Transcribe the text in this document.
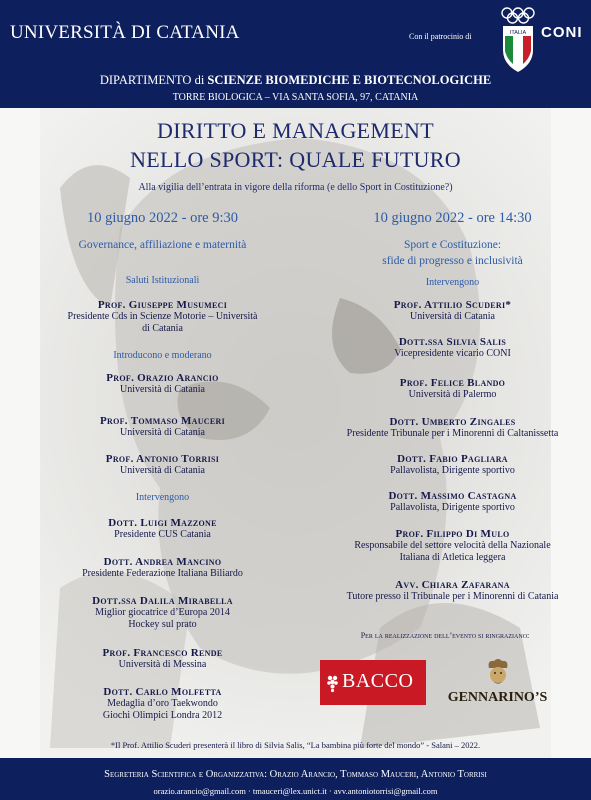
UNIVERSITÀ DI CATANIA	Con il patrocinio di	ITALIA CONI
DIPARTIMENTO di SCIENZE BIOMEDICHE E BIOTECNOLOGICHE
TORRE BIOLOGICA – VIA SANTA SOFIA, 97, CATANIA
DIRITTO E MANAGEMENT
NELLO SPORT: QUALE FUTURO
Alla vigilia dell’entrata in vigore della riforma (e dello Sport in Costituzione?)
10 giugno 2022 - ore 9:30
Governance, affiliazione e maternità
Saluti Istituzionali
Prof. Giuseppe Musumeci
Presidente Cds in Scienze Motorie – Università
di Catania
Introducono e moderano
Prof. Orazio Arancio
Università di Catania
Prof. Tommaso Mauceri
Università di Catania
Prof. Antonio Torrisi
Università di Catania
Intervengono
Dott. Luigi Mazzone
Presidente CUS Catania
Dott. Andrea Mancino
Presidente Federazione Italiana Biliardo
Dott.ssa Dalila Mirabella
Miglior giocatrice d’Europa 2014
Hockey sul prato
Prof. Francesco Rende
Università di Messina
Dott. Carlo Molfetta
Medaglia d’oro Taekwondo
Giochi Olimpici Londra 2012
10 giugno 2022 - ore 14:30
Sport e Costituzione:
sfide di progresso e inclusività
Intervengono
Prof. Attilio Scuderi*
Università di Catania
Dott.ssa Silvia Salis
Vicepresidente vicario CONI
Prof. Felice Blando
Università di Palermo
Dott. Umberto Zingales
Presidente Tribunale per i Minorenni di Caltanissetta
Dott. Fabio Pagliara
Pallavolista, Dirigente sportivo
Dott. Massimo Castagna
Pallavolista, Dirigente sportivo
Prof. Filippo Di Mulo
Responsabile del settore velocità della Nazionale
Italiana di Atletica leggera
Avv. Chiara Zafarana
Tutore presso il Tribunale per i Minorenni di Catania
Per la realizzazione dell’evento si ringraziano:
BACCO
GENNARINO’S
*Il Prof. Attilio Scuderi presenterà il libro di Silvia Salis, “La bambina più forte del mondo” - Salani – 2022.
Segreteria Scientifica e Organizzativa: Orazio Arancio, Tommaso Mauceri, Antonio Torrisi
orazio.arancio@gmail.com · tmauceri@lex.unict.it · avv.antoniotorrisi@gmail.com
